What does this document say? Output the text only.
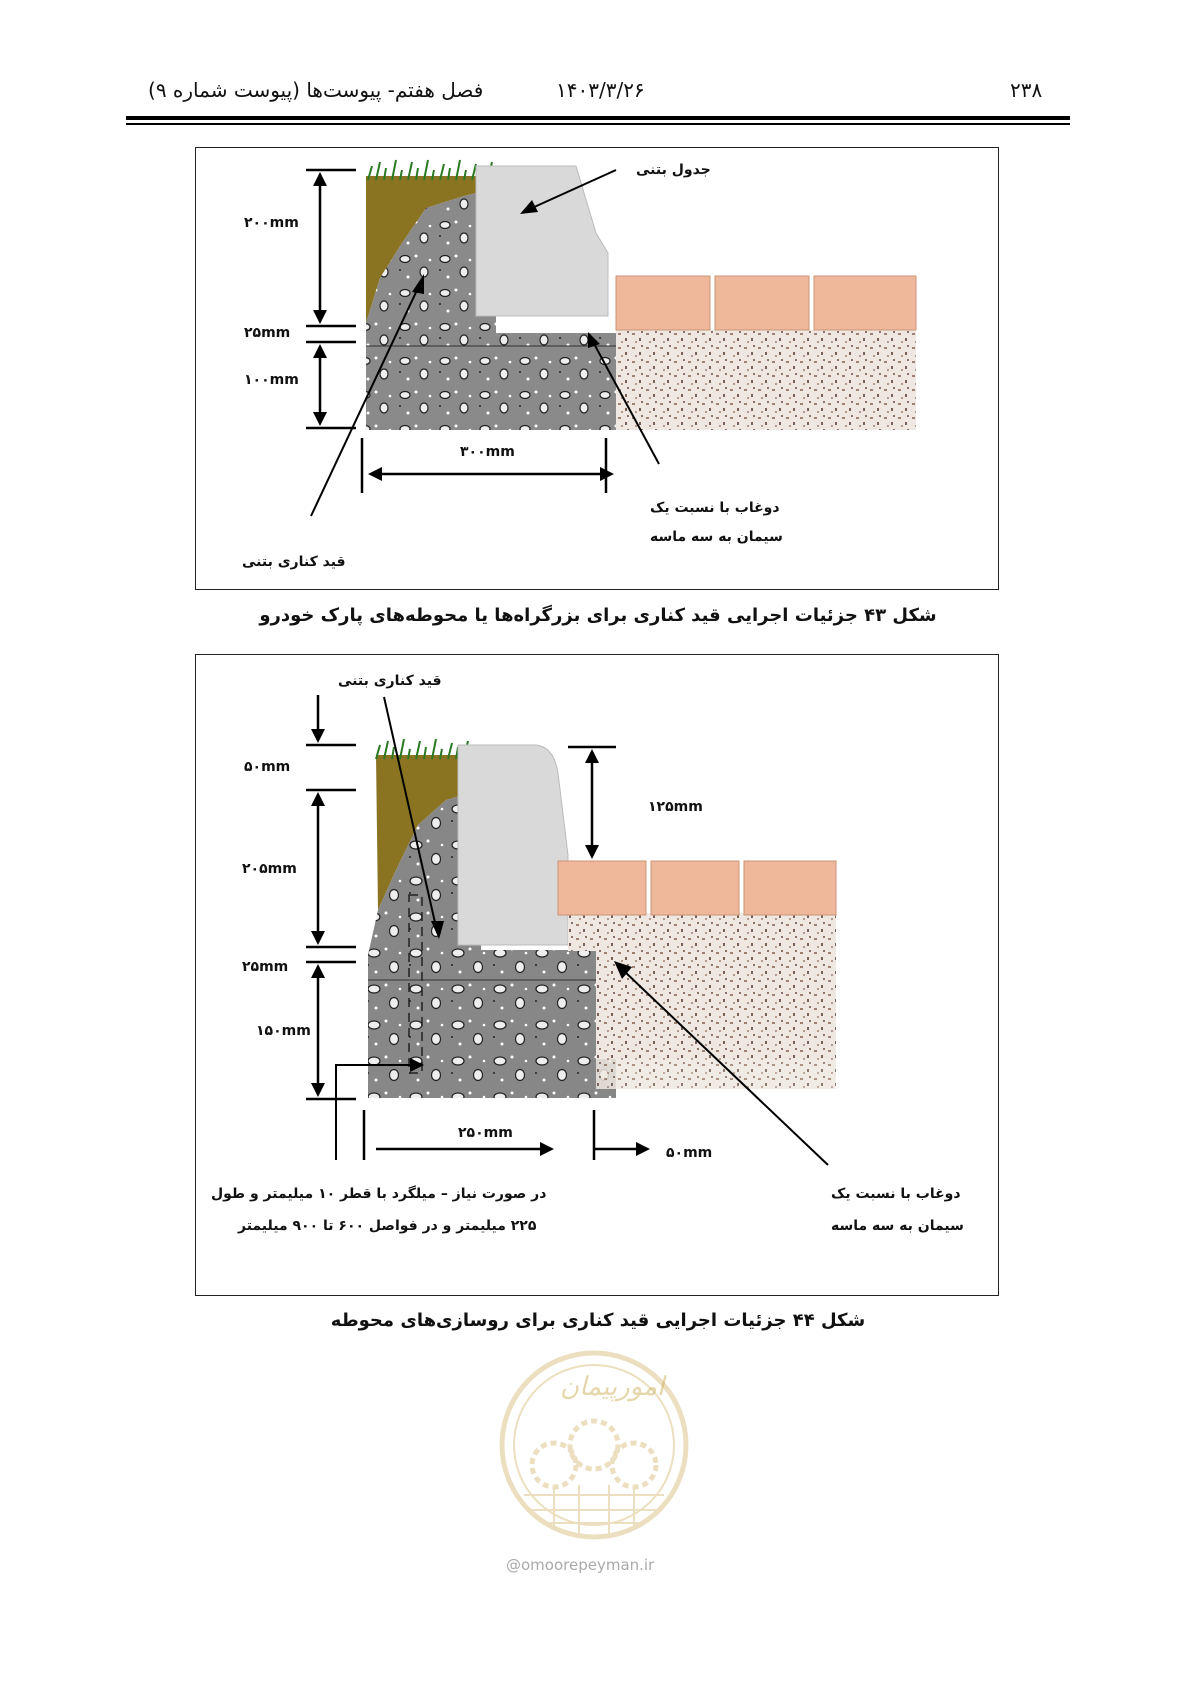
۲۳۸
۱۴۰۳/۳/۲۶
فصل هفتم- پیوست‌ها (پیوست شماره ۹)
۲۰۰mm
۲۵mm
۱۰۰mm
۳۰۰mm
جدول بتنی
دوغاب با نسبت یک
سیمان به سه ماسه
قید کناری بتنی
شکل ۴۳ جزئیات اجرایی قید کناری برای بزرگراه‌ها یا محوطه‌های پارک خودرو
قید کناری بتنی
۵۰mm
۲۰۵mm
۲۵mm
۱۵۰mm
۱۲۵mm
۲۵۰mm
۵۰mm
در صورت نیاز – میلگرد با قطر ۱۰ میلیمتر و طول
۲۲۵ میلیمتر و در فواصل ۶۰۰ تا ۹۰۰ میلیمتر
دوغاب با نسبت یک
سیمان به سه ماسه
شکل ۴۴ جزئیات اجرایی قید کناری برای روسازی‌های محوطه
امورپیمان
@omoorepeyman.ir
